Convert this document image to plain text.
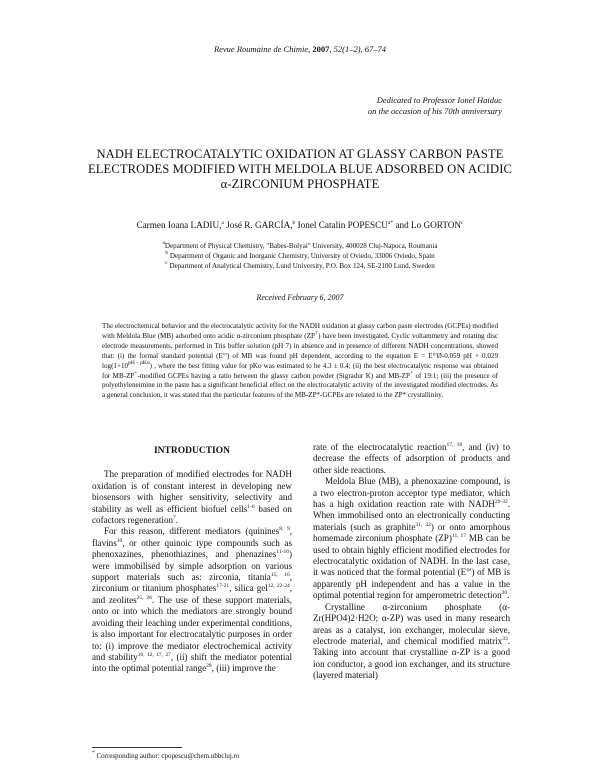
Revue Roumaine de Chimie, 2007, 52(1–2), 67–74
Dedicated to Professor Ionel Haiduc
on the occasion of his 70th anniversary
NADH ELECTROCATALYTIC OXIDATION AT GLASSY CARBON PASTE
ELECTRODES MODIFIED WITH MELDOLA BLUE ADSORBED ON ACIDIC
α-ZIRCONIUM PHOSPHATE
Carmen Ioana LADIU,$^a$ José R. GARCÍA,$^b$ Ionel Catalin $POPESCU^{a*}$ and Lo GORTON$^c$
$^a$Department of Physical Chemistry, "Babes-Bolyai" University, 400028 Cluj-Napoca, Roumania
$^b$ Department of Organic and Inorganic Chemistry, University of Oviedo, 33006 Oviedo, Spain
$^c$ Department of Analytical Chemistry, Lund University, P.O. Box 124, SE-2100 Lund, Sweden
Received February 6, 2007
The electrochemical behavior and the electrocatalytic activity for the NADH oxidation at glassy carbon paste electrodes (GCPEs) modified with Meldola Blue (MB) adsorbed onto acidic α-zirconium phosphate (ZP†) have been investigated. Cyclic voltammetry and rotating disc electrode measurements, performed in Tris buffer solution (pH 7) in absence and in presence of different NADH concentrations, showed that: (i) the formal standard potential (E°') of MB was found pH dependent, according to the equation E = E°'Ø-0.059 pH + 0.029 $\log(1+10^{pH - pKo})$ , where the best fitting value for pKo was estimated to be 4.3 ± 0.4; (ii) the best electrocatalytic response was obtained for MB-ZP+-modified GCPEs having a ratio between the glassy carbon powder (Sigradur K) and MB-ZP+ of 19:1; (iii) the presence of polyethyleneimine in the paste has a significant beneficial effect on the electrocatalytic activity of the investigated modified electrodes. As a general conclusion, it was stated that the particular features of the MB-ZP*-GCPEs are related to the ZP* crystallinity.
INTRODUCTION

The preparation of modified electrodes for NADH oxidation is of constant interest in developing new biosensors with higher sensitivity, selectivity and stability as well as efficient biofuel cells$^{1-6}$ based on cofactors regeneration$^7$.

For this reason, different mediators (quinines$^{8, 9}$, flavins$^{10}$, or other quinoic type compounds such as phenoxazines, phenothiazines, and phenazines$^{11-16}$) were immobilised by simple adsorption on various support materials such as: zirconia, titania$^{15, 16}$, zirconium or titanium phosphates$^{17-21}$, silica gel$^{12, 22-24}$, and zeolites$^{25, 26}$. The use of these support materials, onto or into which the mediators are strongly bound avoiding their leaching under experimental conditions, is also important for electrocatalytic purposes in order to: (i) improve the mediator electrochemical activity and stability$^{10, 12, 17, 27}$, (ii) shift the mediator potential into the optimal potential range$^{28}$, (iii) improve the

rate of the electrocatalytic reaction$^{17, 18}$, and (iv) to decrease the effects of adsorption of products and other side reactions.

Meldola Blue (MB), a phenoxazine compound, is a two electron-proton acceptor type mediator, which has a high oxidation reaction rate with NADH$^{29-32}$. When immobilised onto an electronically conducting materials (such as graphite$^{31, 32}$) or onto amorphous homemade zirconium phosphate (ZP)$^{11, 17}$ MB can be used to obtain highly efficient modified electrodes for electrocatalytic oxidation of NADH. In the last case, it was noticed that the formal potential (E°') of MB is apparently pH independent and has a value in the optimal potential region for amperometric detection$^{20}$.

Crystalline α-zirconium phosphate (α-Zr(HPO4)2·H2O; α-ZP) was used in many research areas as a catalyst, ion exchanger, molecular sieve, electrode material, and chemical modified matrix$^{33}$. Taking into account that crystalline α-ZP is a good ion conductor, a good ion exchanger, and its structure (layered material)

* Corresponding author: cpopescu@chem.ubbcluj.ro
